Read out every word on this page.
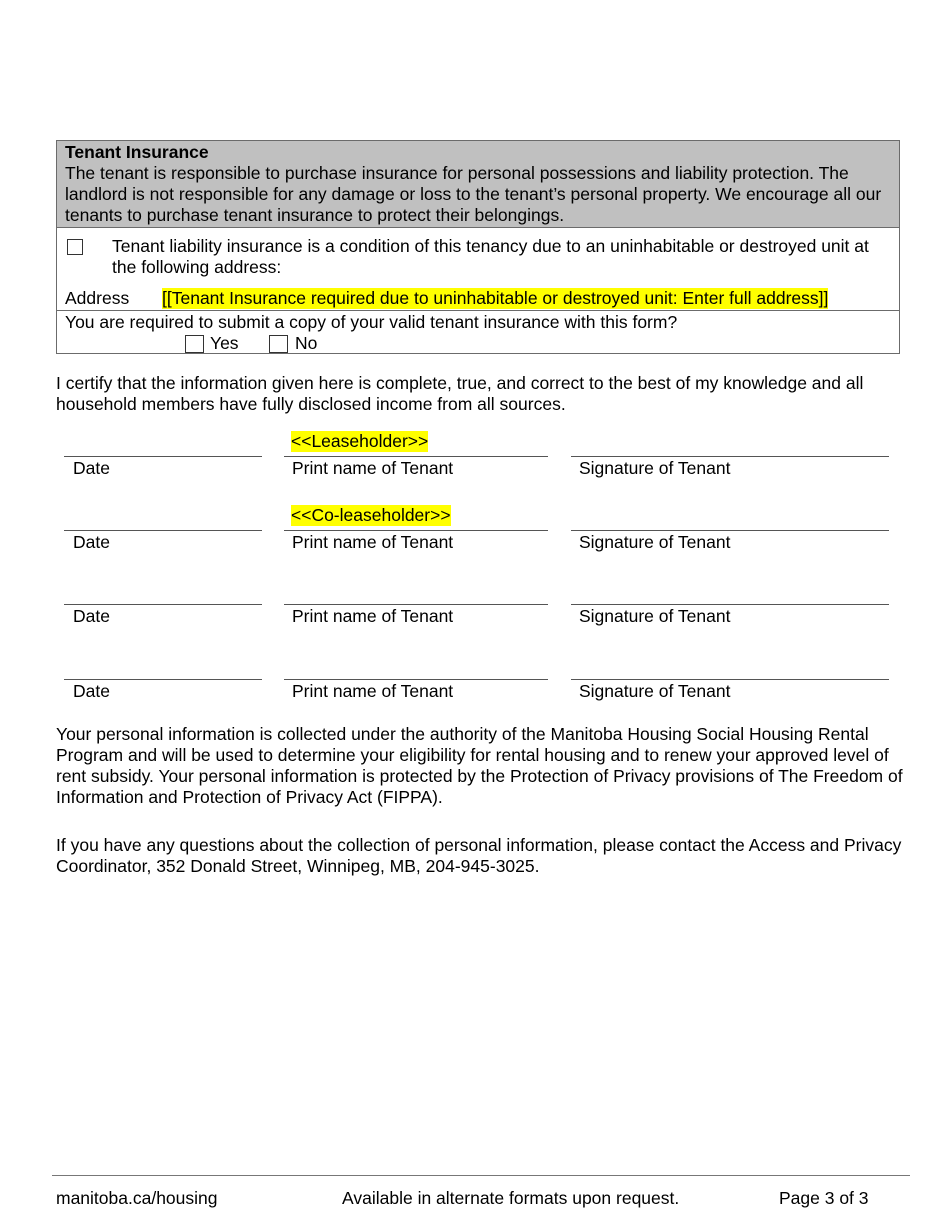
Tenant Insurance
The tenant is responsible to purchase insurance for personal possessions and liability protection. The landlord is not responsible for any damage or loss to the tenant’s personal property. We encourage all our tenants to purchase tenant insurance to protect their belongings.
Tenant liability insurance is a condition of this tenancy due to an uninhabitable or destroyed unit at the following address:
Address [[Tenant Insurance required due to uninhabitable or destroyed unit: Enter full address]]
You are required to submit a copy of your valid tenant insurance with this form?
Yes	No
I certify that the information given here is complete, true, and correct to the best of my knowledge and all household members have fully disclosed income from all sources.
<<Leaseholder>>
Date	Print name of Tenant	Signature of Tenant
<<Co-leaseholder>>
Date	Print name of Tenant	Signature of Tenant
Date	Print name of Tenant	Signature of Tenant
Date	Print name of Tenant	Signature of Tenant
Your personal information is collected under the authority of the Manitoba Housing Social Housing Rental Program and will be used to determine your eligibility for rental housing and to renew your approved level of rent subsidy. Your personal information is protected by the Protection of Privacy provisions of The Freedom of Information and Protection of Privacy Act (FIPPA).
If you have any questions about the collection of personal information, please contact the Access and Privacy Coordinator, 352 Donald Street, Winnipeg, MB, 204-945-3025.
manitoba.ca/housing	Available in alternate formats upon request.	Page 3 of 3
